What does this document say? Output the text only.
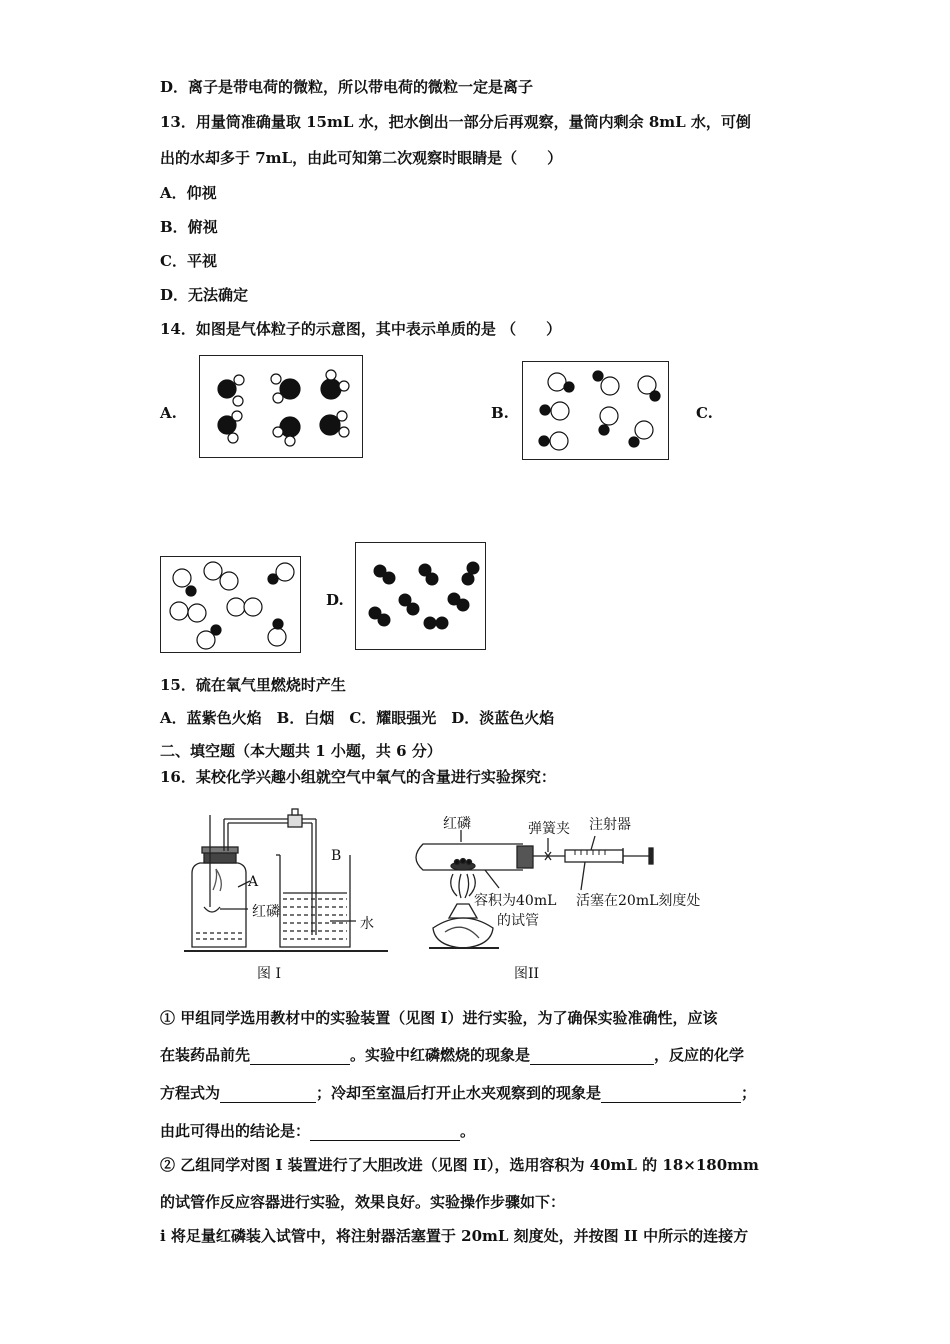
D．离子是带电荷的微粒，所以带电荷的微粒一定是离子
13．用量筒准确量取 15mL 水，把水倒出一部分后再观察，量筒内剩余 8mL 水，可倒
出的水却多于 7mL，由此可知第二次观察时眼睛是（　　）
A．仰视
B．俯视
C．平视
D．无法确定
14．如图是气体粒子的示意图，其中表示单质的是 （　　）
A.	B.	C.
D.
15．硫在氧气里燃烧时产生
A．蓝紫色火焰　B．白烟　C．耀眼强光　D．淡蓝色火焰
二、填空题（本大题共 1 小题，共 6 分）
16．某校化学兴趣小组就空气中氧气的含量进行实验探究：
A
B
红磷
水
图 I
红磷	弹簧夹 注射器
容积为40mL
的试管
活塞在20mL刻度处
图II
① 甲组同学选用教材中的实验装置（见图 I）进行实验，为了确保实验准确性，应该
在装药品前先	。实验中红磷燃烧的现象是	，反应的化学
方程式为	；冷却至室温后打开止水夹观察到的现象是	；
由此可得出的结论是：	。
② 乙组同学对图 I 装置进行了大胆改进（见图 II），选用容积为 40mL 的 18×180mm
的试管作反应容器进行实验，效果良好。实验操作步骤如下：
i 将足量红磷装入试管中，将注射器活塞置于 20mL 刻度处，并按图 II 中所示的连接方
